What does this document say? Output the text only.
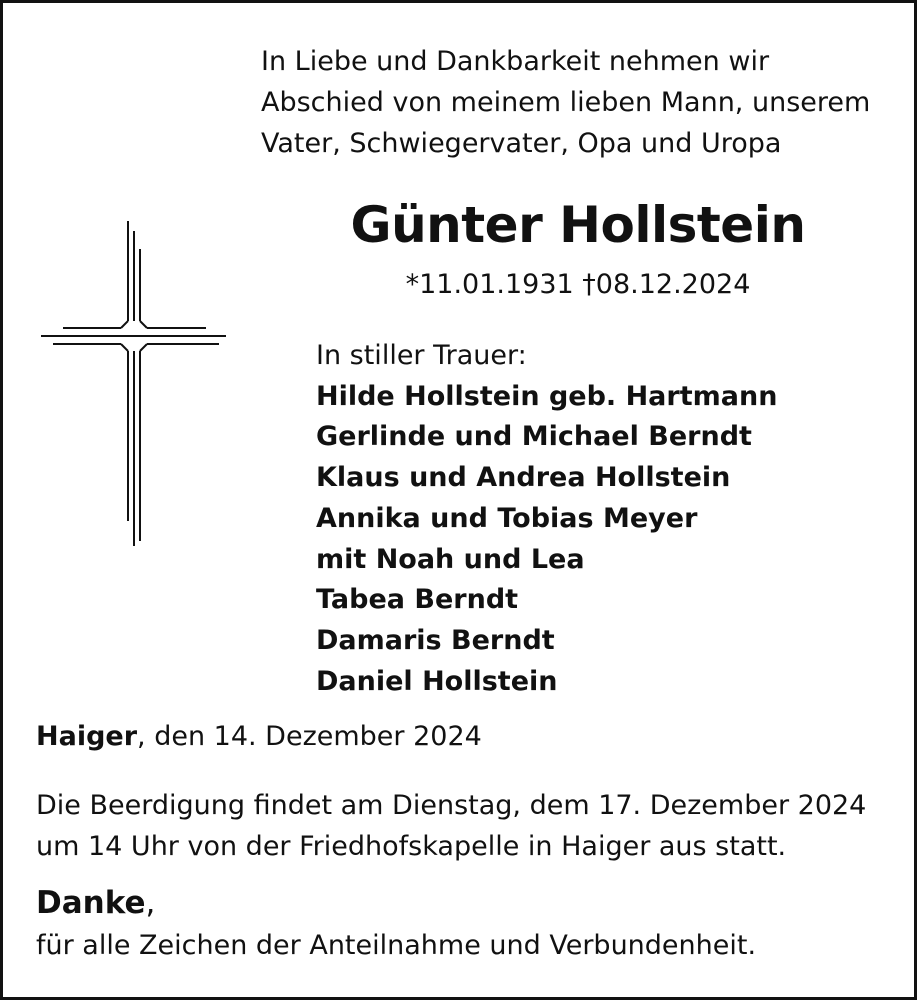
In Liebe und Dankbarkeit nehmen wir
Abschied von meinem lieben Mann, unserem
Vater, Schwiegervater, Opa und Uropa
Günter Hollstein
*11.01.1931 †08.12.2024
In stiller Trauer:
Hilde Hollstein geb. Hartmann
Gerlinde und Michael Berndt
Klaus und Andrea Hollstein
Annika und Tobias Meyer
mit Noah und Lea
Tabea Berndt
Damaris Berndt
Daniel Hollstein
Haiger, den 14. Dezember 2024
Die Beerdigung findet am Dienstag, dem 17. Dezember 2024
um 14 Uhr von der Friedhofskapelle in Haiger aus statt.
Danke,
für alle Zeichen der Anteilnahme und Verbundenheit.
